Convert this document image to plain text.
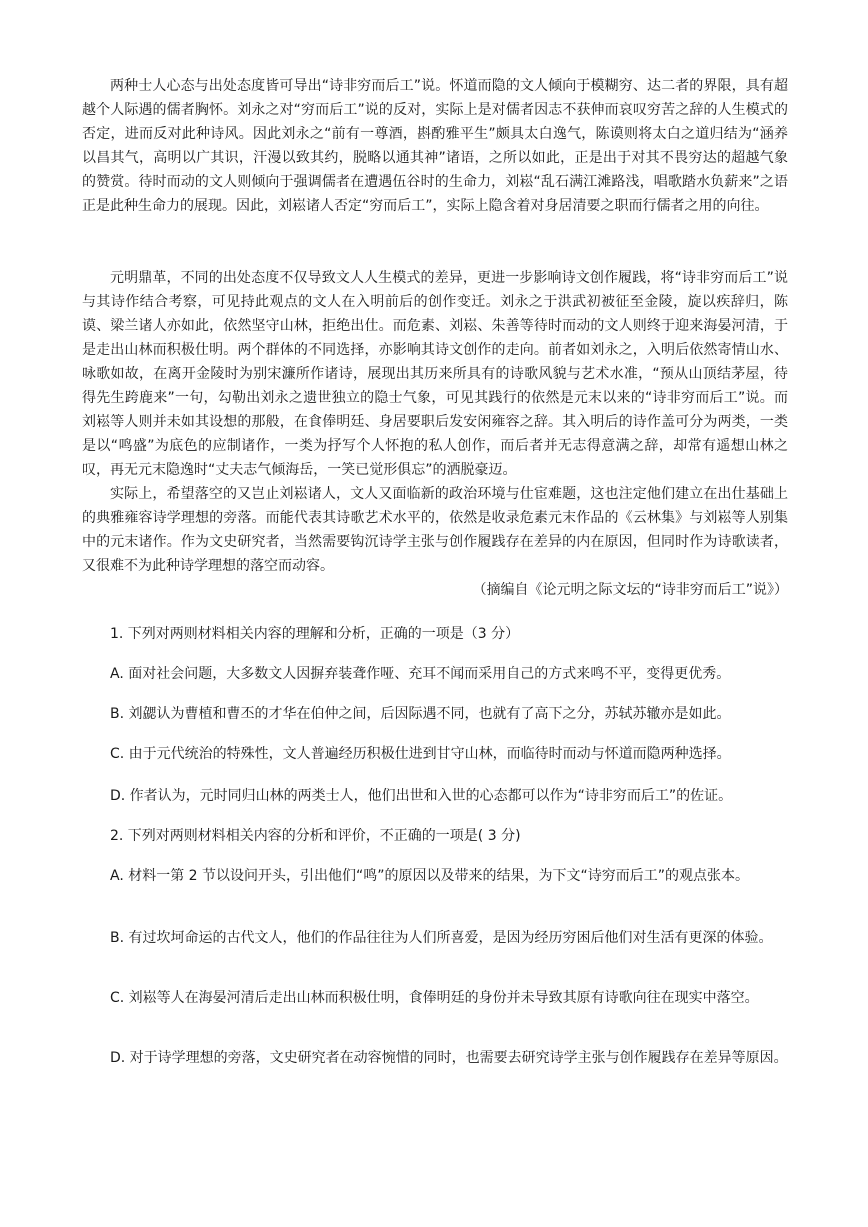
两种士人心态与出处态度皆可导出“诗非穷而后工”说。怀道而隐的文人倾向于模糊穷、达二者的界限，具有超越个人际遇的儒者胸怀。刘永之对“穷而后工”说的反对，实际上是对儒者因志不获伸而哀叹穷苦之辞的人生模式的否定，进而反对此种诗风。因此刘永之“前有一尊酒，斟酌雅平生”颇具太白逸气，陈谟则将太白之道归结为“涵养以昌其气，高明以广其识，汗漫以致其约，脱略以通其神”诸语，之所以如此，正是出于对其不畏穷达的超越气象的赞赏。待时而动的文人则倾向于强调儒者在遭遇伍谷时的生命力，刘崧“乱石满江滩路浅，唱歌踏水负薪来”之语正是此种生命力的展现。因此，刘崧诸人否定“穷而后工”，实际上隐含着对身居清要之职而行儒者之用的向往。

元明鼎革，不同的出处态度不仅导致文人人生模式的差异，更进一步影响诗文创作履践，将“诗非穷而后工”说与其诗作结合考察，可见持此观点的文人在入明前后的创作变迁。刘永之于洪武初被征至金陵，旋以疾辞归，陈谟、梁兰诸人亦如此，依然坚守山林，拒绝出仕。而危素、刘崧、朱善等待时而动的文人则终于迎来海晏河清，于是走出山林而积极仕明。两个群体的不同选择，亦影响其诗文创作的走向。前者如刘永之，入明后依然寄情山水、咏歌如故，在离开金陵时为别宋濂所作诸诗，展现出其历来所具有的诗歌风貌与艺术水准，“预从山顶结茅屋，待得先生跨鹿来”一句，勾勒出刘永之遗世独立的隐士气象，可见其践行的依然是元末以来的“诗非穷而后工”说。而刘崧等人则并未如其设想的那般，在食俸明廷、身居要职后发安闲雍容之辞。其入明后的诗作盖可分为两类，一类是以“鸣盛”为底色的应制诸作，一类为抒写个人怀抱的私人创作，而后者并无志得意满之辞，却常有遥想山林之叹，再无元末隐逸时“丈夫志气倾海岳，一笑已觉形俱忘”的洒脱豪迈。

实际上，希望落空的又岂止刘崧诸人，文人又面临新的政治环境与仕宦难题，这也注定他们建立在出仕基础上的典雅雍容诗学理想的旁落。而能代表其诗歌艺术水平的，依然是收录危素元末作品的《云林集》与刘崧等人别集中的元末诸作。作为文史研究者，当然需要钩沉诗学主张与创作履践存在差异的内在原因，但同时作为诗歌读者，又很难不为此种诗学理想的落空而动容。

（摘编自《论元明之际文坛的“诗非穷而后工”说》）

1. 下列对两则材料相关内容的理解和分析，正确的一项是（3 分）

A. 面对社会问题，大多数文人因摒弃装聋作哑、充耳不闻而采用自己的方式来鸣不平，变得更优秀。

B. 刘勰认为曹植和曹丕的才华在伯仲之间，后因际遇不同，也就有了高下之分，苏轼苏辙亦是如此。

C. 由于元代统治的特殊性，文人普遍经历积极仕进到甘守山林，而临待时而动与怀道而隐两种选择。

D. 作者认为，元时同归山林的两类士人，他们出世和入世的心态都可以作为“诗非穷而后工”的佐证。

2. 下列对两则材料相关内容的分析和评价，不正确的一项是( 3 分)

A. 材料一第 2 节以设问开头，引出他们“鸣”的原因以及带来的结果，为下文“诗穷而后工”的观点张本。

B. 有过坎坷命运的古代文人，他们的作品往往为人们所喜爱，是因为经历穷困后他们对生活有更深的体验。

C. 刘崧等人在海晏河清后走出山林而积极仕明，食俸明廷的身份并未导致其原有诗歌向往在现实中落空。

D. 对于诗学理想的旁落，文史研究者在动容惋惜的同时，也需要去研究诗学主张与创作履践存在差异等原因。
